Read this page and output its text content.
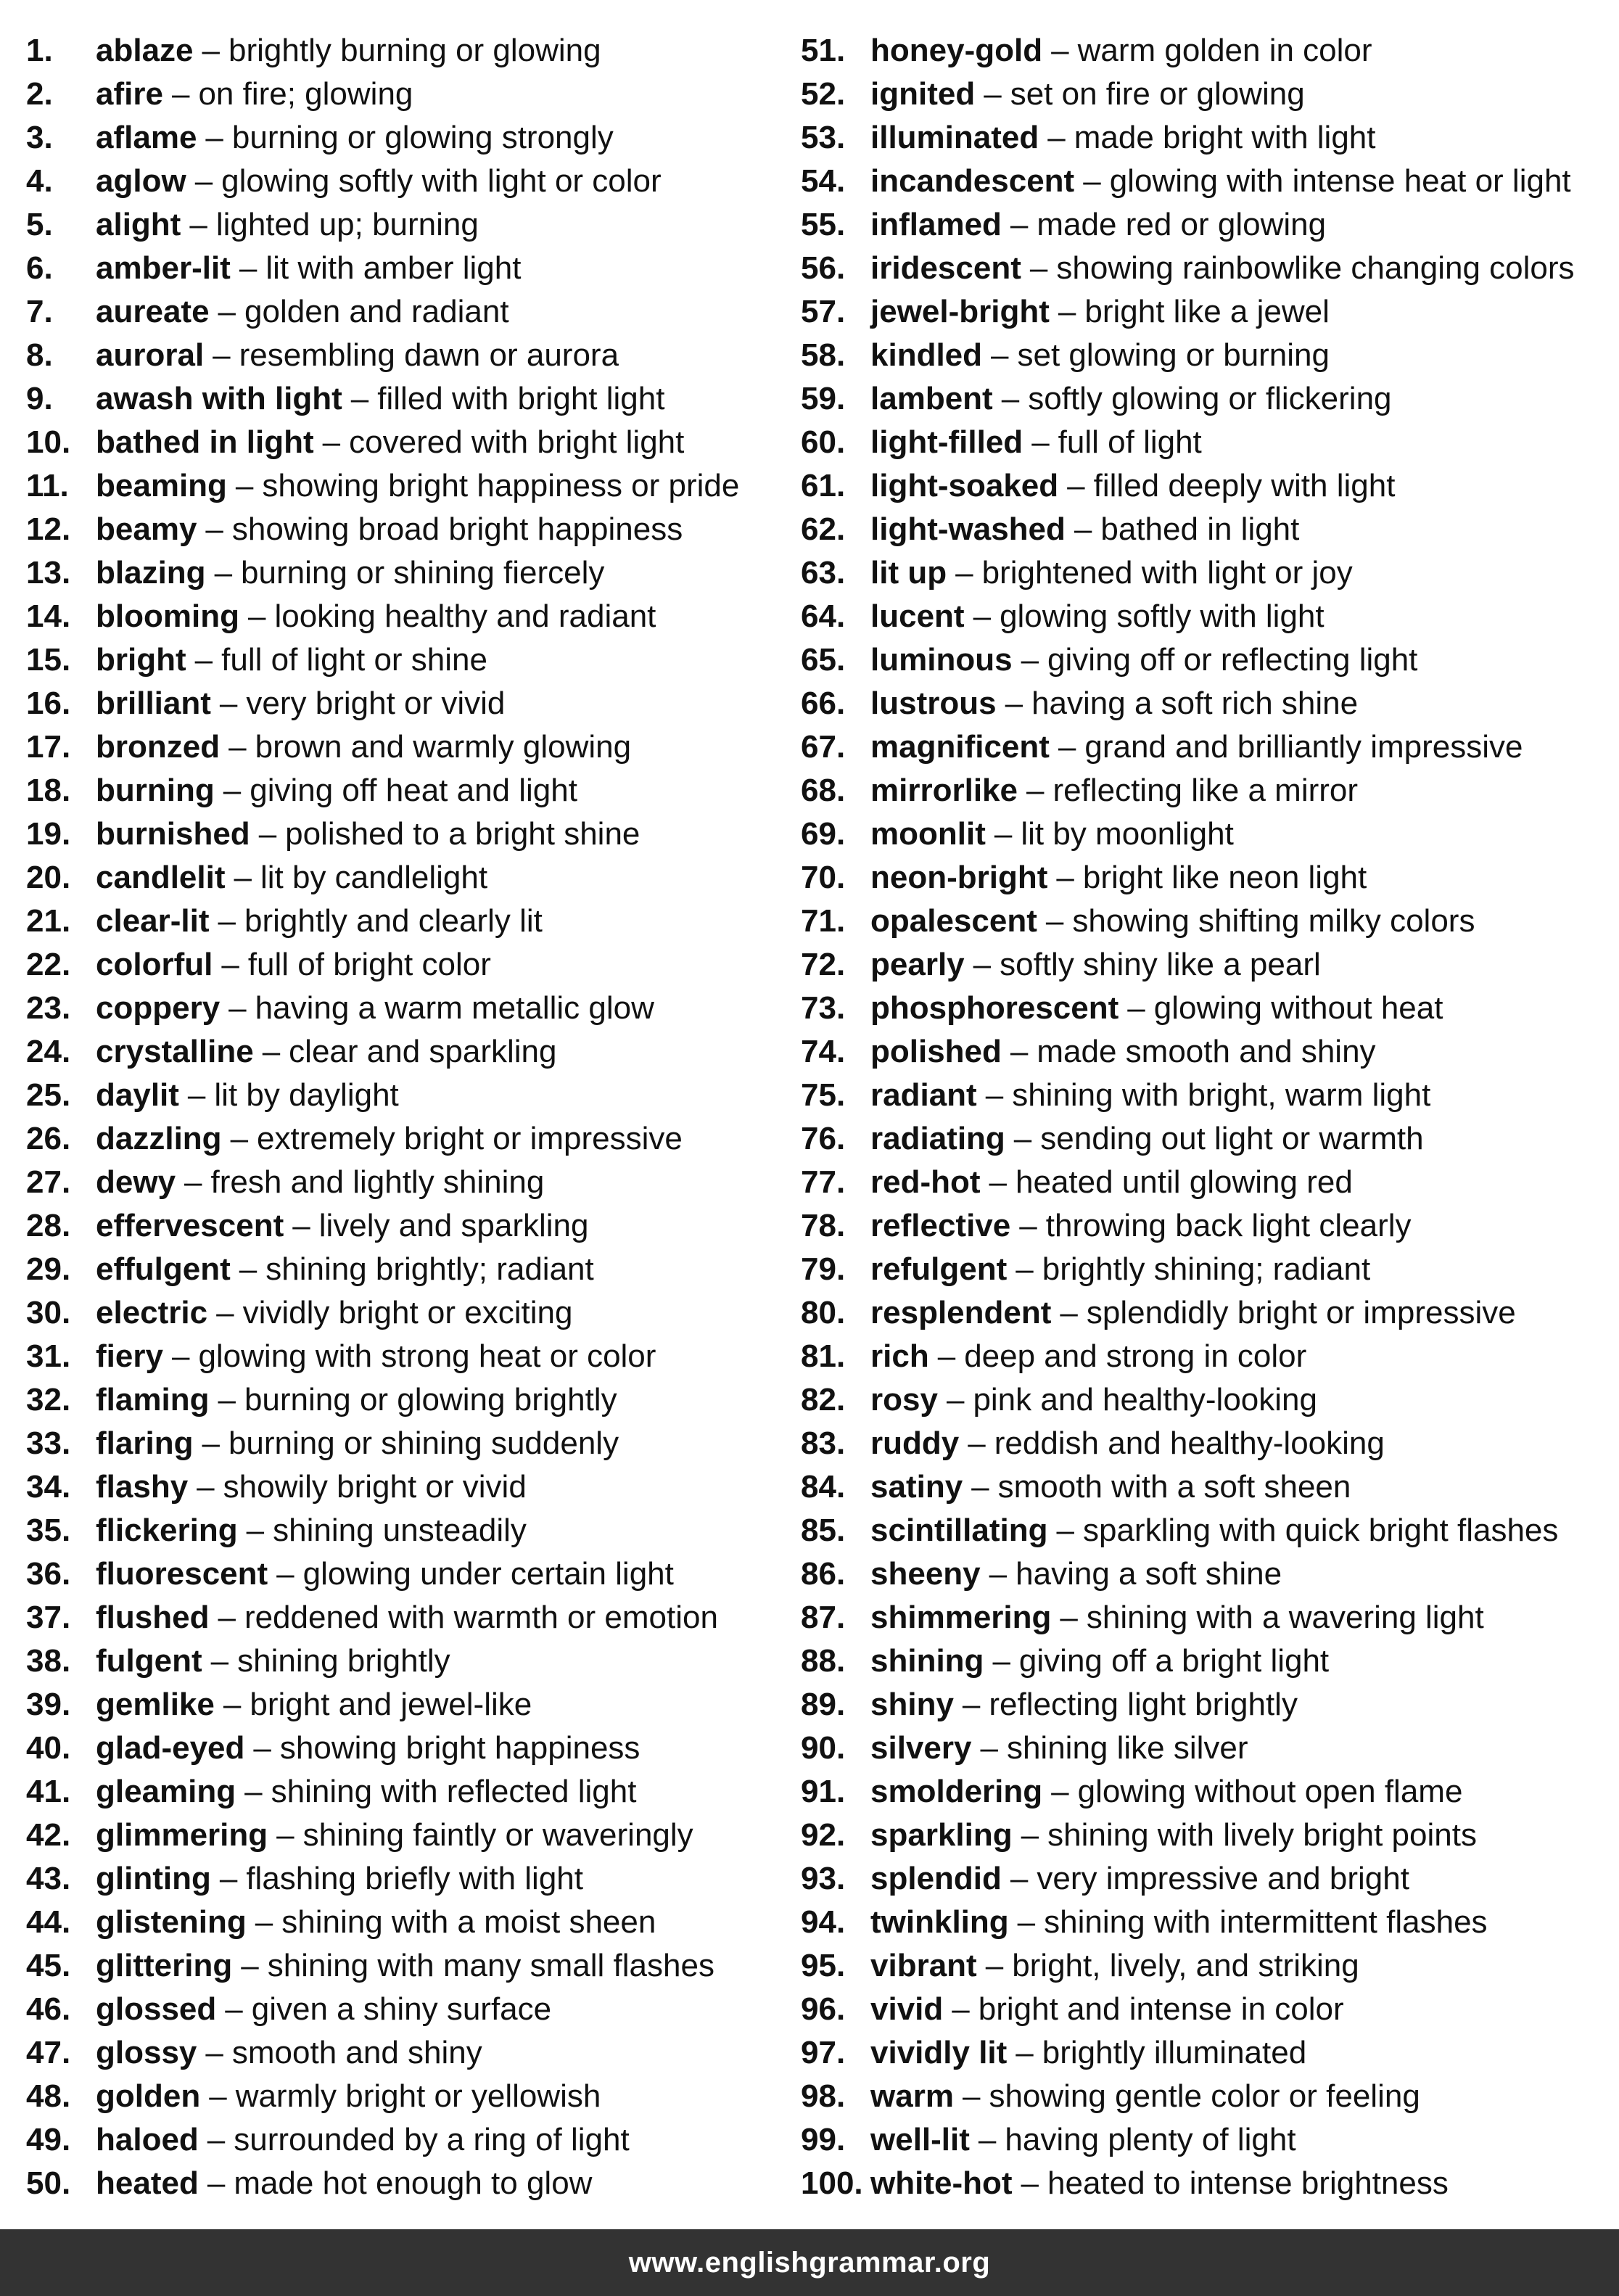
1.	ablaze – brightly burning or glowing
2.	afire – on fire; glowing
3.	aflame – burning or glowing strongly
4.	aglow – glowing softly with light or color
5.	alight – lighted up; burning
6.	amber-lit – lit with amber light
7.	aureate – golden and radiant
8.	auroral – resembling dawn or aurora
9.	awash with light – filled with bright light
10. bathed in light – covered with bright light
11. beaming – showing bright happiness or pride
12. beamy – showing broad bright happiness
13. blazing – burning or shining fiercely
14. blooming – looking healthy and radiant
15. bright – full of light or shine
16. brilliant – very bright or vivid
17. bronzed – brown and warmly glowing
18. burning – giving off heat and light
19. burnished – polished to a bright shine
20. candlelit – lit by candlelight
21. clear-lit – brightly and clearly lit
22. colorful – full of bright color
23. coppery – having a warm metallic glow
24. crystalline – clear and sparkling
25. daylit – lit by daylight
26. dazzling – extremely bright or impressive
27. dewy – fresh and lightly shining
28. effervescent – lively and sparkling
29. effulgent – shining brightly; radiant
30. electric – vividly bright or exciting
31. fiery – glowing with strong heat or color
32. flaming – burning or glowing brightly
33. flaring – burning or shining suddenly
34. flashy – showily bright or vivid
35. flickering – shining unsteadily
36. fluorescent – glowing under certain light
37. flushed – reddened with warmth or emotion
38. fulgent – shining brightly
39. gemlike – bright and jewel-like
40. glad-eyed – showing bright happiness
41. gleaming – shining with reflected light
42. glimmering – shining faintly or waveringly
43. glinting – flashing briefly with light
44. glistening – shining with a moist sheen
45. glittering – shining with many small flashes
46. glossed – given a shiny surface
47. glossy – smooth and shiny
48. golden – warmly bright or yellowish
49. haloed – surrounded by a ring of light
50. heated – made hot enough to glow
51. honey-gold – warm golden in color
52. ignited – set on fire or glowing
53. illuminated – made bright with light
54. incandescent – glowing with intense heat or light
55. inflamed – made red or glowing
56. iridescent – showing rainbowlike changing colors
57. jewel-bright – bright like a jewel
58. kindled – set glowing or burning
59. lambent – softly glowing or flickering
60. light-filled – full of light
61. light-soaked – filled deeply with light
62. light-washed – bathed in light
63. lit up – brightened with light or joy
64. lucent – glowing softly with light
65. luminous – giving off or reflecting light
66. lustrous – having a soft rich shine
67. magnificent – grand and brilliantly impressive
68. mirrorlike – reflecting like a mirror
69. moonlit – lit by moonlight
70. neon-bright – bright like neon light
71. opalescent – showing shifting milky colors
72. pearly – softly shiny like a pearl
73. phosphorescent – glowing without heat
74. polished – made smooth and shiny
75. radiant – shining with bright, warm light
76. radiating – sending out light or warmth
77. red-hot – heated until glowing red
78. reflective – throwing back light clearly
79. refulgent – brightly shining; radiant
80. resplendent – splendidly bright or impressive
81. rich – deep and strong in color
82. rosy – pink and healthy-looking
83. ruddy – reddish and healthy-looking
84. satiny – smooth with a soft sheen
85. scintillating – sparkling with quick bright flashes
86. sheeny – having a soft shine
87. shimmering – shining with a wavering light
88. shining – giving off a bright light
89. shiny – reflecting light brightly
90. silvery – shining like silver
91. smoldering – glowing without open flame
92. sparkling – shining with lively bright points
93. splendid – very impressive and bright
94. twinkling – shining with intermittent flashes
95. vibrant – bright, lively, and striking
96. vivid – bright and intense in color
97. vividly lit – brightly illuminated
98. warm – showing gentle color or feeling
99. well-lit – having plenty of light
100. white-hot – heated to intense brightness
www.englishgrammar.org
